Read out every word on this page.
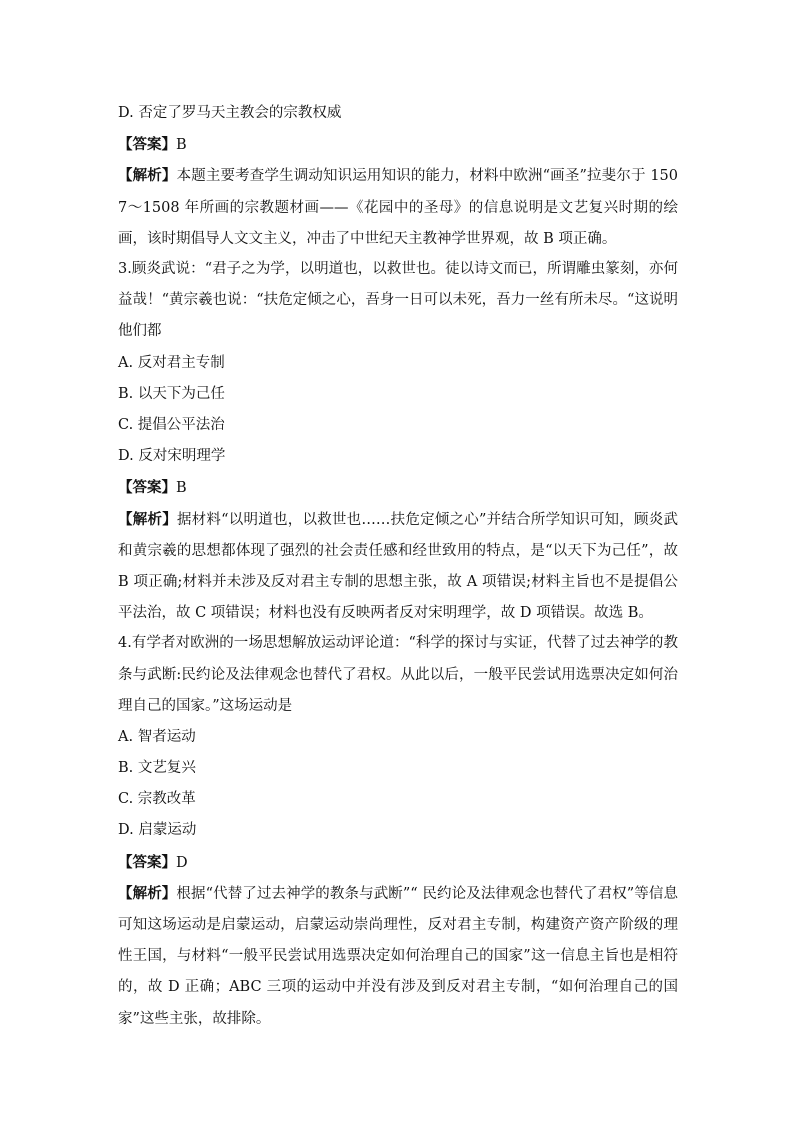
D. 否定了罗马天主教会的宗教权威
【答案】B
【解析】本题主要考查学生调动知识运用知识的能力，材料中欧洲“画圣”拉斐尔于 1507～1508 年所画的宗教题材画——《花园中的圣母》的信息说明是文艺复兴时期的绘画，该时期倡导人文文主义，冲击了中世纪天主教神学世界观，故 B 项正确。
3.顾炎武说：“君子之为学，以明道也，以救世也。徒以诗文而已，所谓雕虫篆刻，亦何益哉！“黄宗羲也说：“扶危定倾之心，吾身一日可以未死，吾力一丝有所未尽。“这说明他们都
A. 反对君主专制
B. 以天下为己任
C. 提倡公平法治
D. 反对宋明理学
【答案】B
【解析】据材料“以明道也，以救世也……扶危定倾之心”并结合所学知识可知，顾炎武和黄宗羲的思想都体现了强烈的社会责任感和经世致用的特点，是“以天下为己任”，故 B 项正确;材料并未涉及反对君主专制的思想主张，故 A 项错误;材料主旨也不是提倡公平法治，故 C 项错误；材料也没有反映两者反对宋明理学，故 D 项错误。故选 B。
4.有学者对欧洲的一场思想解放运动评论道：“科学的探讨与实证，代替了过去神学的教条与武断:民约论及法律观念也替代了君权。从此以后，一般平民尝试用选票决定如何治理自己的国家。”这场运动是
A. 智者运动
B. 文艺复兴
C. 宗教改革
D. 启蒙运动
【答案】D
【解析】根据“代替了过去神学的教条与武断”“ 民约论及法律观念也替代了君权”等信息可知这场运动是启蒙运动，启蒙运动崇尚理性，反对君主专制，构建资产资产阶级的理性王国，与材料“一般平民尝试用选票决定如何治理自己的国家”这一信息主旨也是相符的，故 D 正确；ABC 三项的运动中并没有涉及到反对君主专制，“如何治理自己的国家”这些主张，故排除。
